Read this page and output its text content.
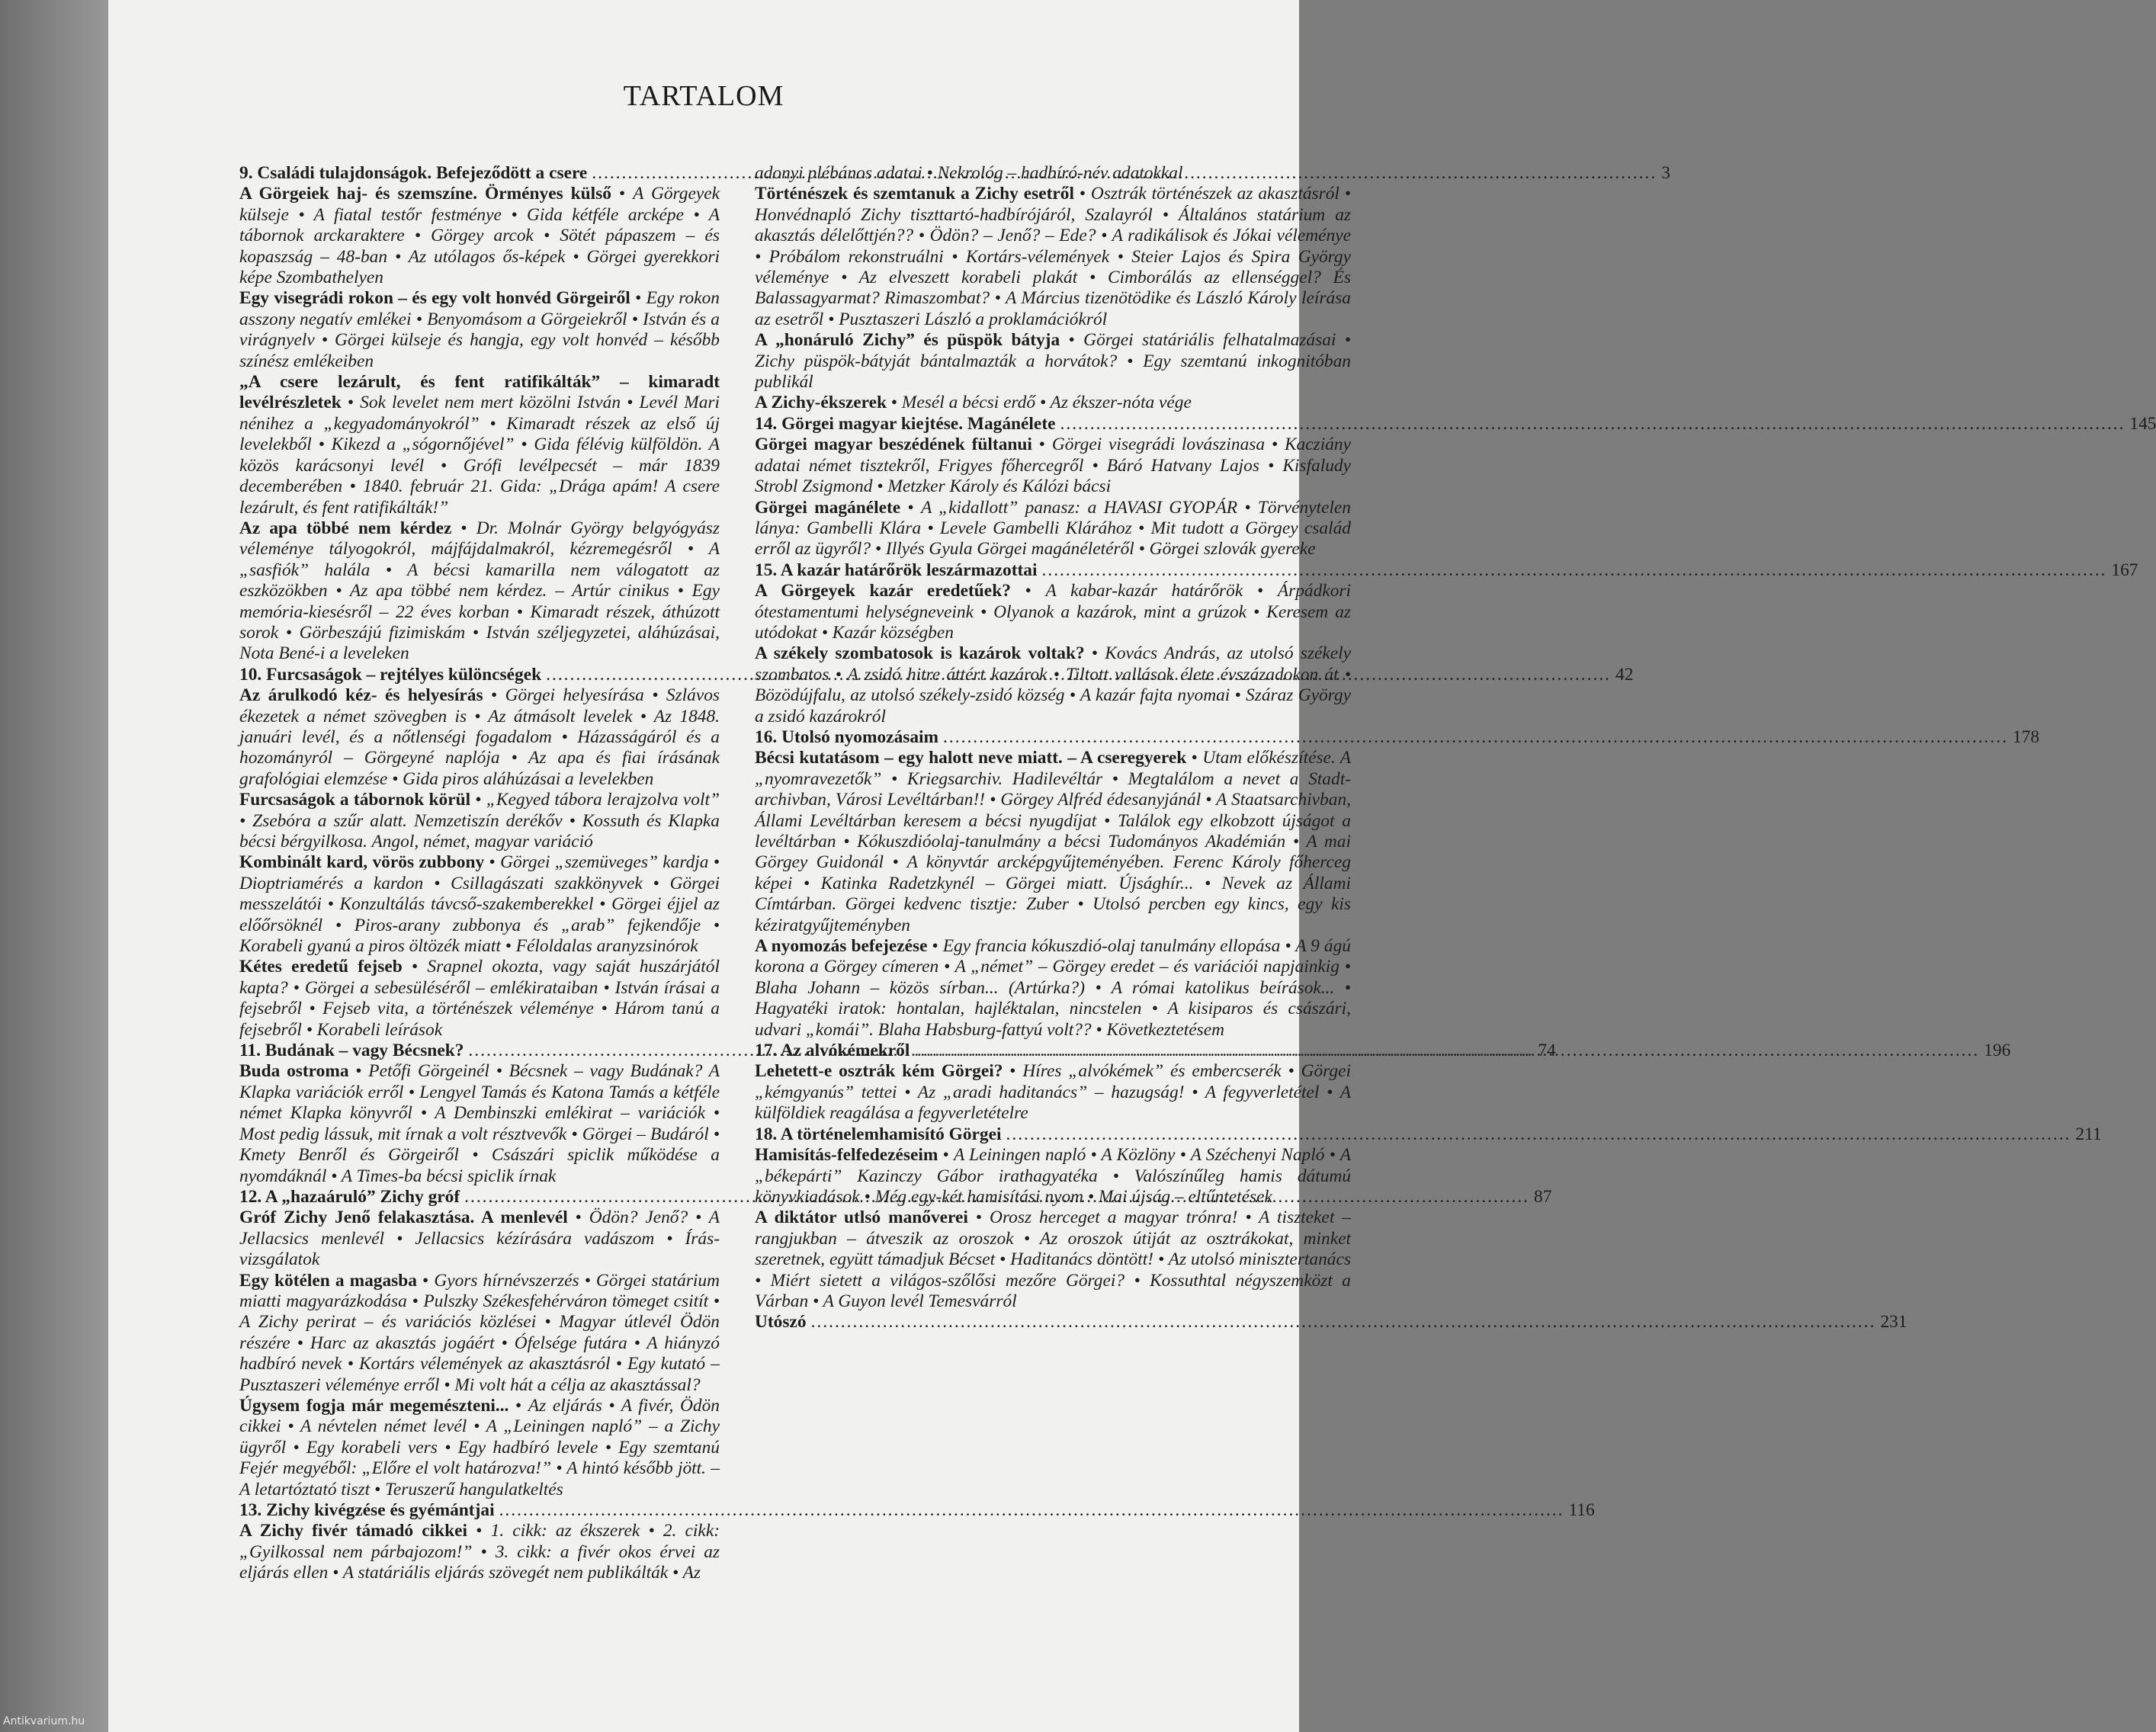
TARTALOM
9. Családi tulajdonságok. Befejeződött a csere .....	3
A Görgeiek haj- és szemszíne. Örményes külső • A Görgeyek külseje • A fiatal testőr festménye • Gida kétféle arcképe • A tábornok arckaraktere • Görgey arcok • Sötét pápaszem – és kopaszság – 48-ban • Az utólagos ős-képek • Görgei gyerekkori képe Szombathelyen
Egy visegrádi rokon – és egy volt honvéd Görgeiről • Egy rokon asszony negatív emlékei • Benyomásom a Görgeiekről • István és a virágnyelv • Görgei külseje és hangja, egy volt honvéd – később színész emlékeiben
„A csere lezárult, és fent ratifikálták” – kimaradt levélrészletek • Sok levelet nem mert közölni István • Levél Mari nénihez a „kegyadományokról” • Kimaradt részek az első új levelekből • Kikezd a „sógornőjével” • Gida félévig külföldön. A közös karácsonyi levél • Grófi levélpecsét – már 1839 decemberében • 1840. február 21. Gida: „Drága apám! A csere lezárult, és fent ratifikálták!”
Az apa többé nem kérdez • Dr. Molnár György belgyógyász véleménye tályogokról, májfájdalmakról, kézremegésről • A „sasfiók” halála • A bécsi kamarilla nem válogatott az eszközökben • Az apa többé nem kérdez. – Artúr cinikus • Egy memória-kiesésről – 22 éves korban • Kimaradt részek, áthúzott sorok • Görbeszájú fizimiskám • István széljegyzetei, aláhúzásai, Nota Bené-i a leveleken
10. Furcsaságok – rejtélyes különcségek .....	42
Az árulkodó kéz- és helyesírás • Görgei helyesírása • Szlávos ékezetek a német szövegben is • Az átmásolt levelek • Az 1848. januári levél, és a nőtlenségi fogadalom • Házasságáról és a hozományról – Görgeyné naplója • Az apa és fiai írásának grafológiai elemzése • Gida piros aláhúzásai a levelekben
Furcsaságok a tábornok körül • „Kegyed tábora lerajzolva volt” • Zsebóra a szűr alatt. Nemzetiszín derékőv • Kossuth és Klapka bécsi bérgyilkosa. Angol, német, magyar variáció
Kombinált kard, vörös zubbony • Görgei „szemüveges” kardja • Dioptriamérés a kardon • Csillagászati szakkönyvek • Görgei messzelátói • Konzultálás távcső-szakemberekkel • Görgei éjjel az előőrsöknél • Piros-arany zubbonya és „arab” fejkendője • Korabeli gyanú a piros öltözék miatt • Féloldalas aranyzsinórok
Kétes eredetű fejseb • Srapnel okozta, vagy saját huszárjától kapta? • Görgei a sebesüléséről – emlékirataiban • István írásai a fejsebről • Fejseb vita, a történészek véleménye • Három tanú a fejsebről • Korabeli leírások
11. Budának – vagy Bécsnek? .....	74
Buda ostroma • Petőfi Görgeinél • Bécsnek – vagy Budának? A Klapka variációk erről • Lengyel Tamás és Katona Tamás a kétféle német Klapka könyvről • A Dembinszki emlékirat – variációk • Most pedig lássuk, mit írnak a volt résztvevők • Görgei – Budáról • Kmety Benről és Görgeiről • Császári spiclik működése a nyomdáknál • A Times-ba bécsi spiclik írnak
12. A „hazaáruló” Zichy gróf .....	87
Gróf Zichy Jenő felakasztása. A menlevél • Ödön? Jenő? • A Jellacsics menlevél • Jellacsics kézírására vadászom • Írás-vizsgálatok
Egy kötélen a magasba • Gyors hírnévszerzés • Görgei statárium miatti magyarázkodása • Pulszky Székesfehérváron tömeget csitít • A Zichy perirat – és variációs közlései • Magyar útlevél Ödön részére • Harc az akasztás jogáért • Ófelsége futára • A hiányzó hadbíró nevek • Kortárs vélemények az akasztásról • Egy kutató – Pusztaszeri véleménye erről • Mi volt hát a célja az akasztással?
Úgysem fogja már megemészteni... • Az eljárás • A fivér, Ödön cikkei • A névtelen német levél • A „Leiningen napló” – a Zichy ügyről • Egy korabeli vers • Egy hadbíró levele • Egy szemtanú Fejér megyéből: „Előre el volt határozva!” • A hintó később jött. – A letartóztató tiszt • Teruszerű hangulatkeltés
13. Zichy kivégzése és gyémántjai .....	116
A Zichy fivér támadó cikkei • 1. cikk: az ékszerek • 2. cikk: „Gyilkossal nem párbajozom!” • 3. cikk: a fivér okos érvei az eljárás ellen • A statáriális eljárás szövegét nem publikálták • Az
adonyi plébános adatai • Nekrológ – hadbíró-név adatokkal
Történészek és szemtanuk a Zichy esetről • Osztrák történészek az akasztásról • Honvédnapló Zichy tiszttartó-hadbírójáról, Szalayról • Általános statárium az akasztás délelőttjén?? • Ödön? – Jenő? – Ede? • A radikálisok és Jókai véleménye • Próbálom rekonstruálni • Kortárs-vélemények • Steier Lajos és Spira György véleménye • Az elveszett korabeli plakát • Cimborálás az ellenséggel? És Balassagyarmat? Rimaszombat? • A Március tizenötödike és László Károly leírása az esetről • Pusztaszeri László a proklamációkról
A „honáruló Zichy” és püspök bátyja • Görgei statáriális felhatalmazásai • Zichy püspök-bátyját bántalmazták a horvátok? • Egy szemtanú inkognitóban publikál
A Zichy-ékszerek • Mesél a bécsi erdő • Az ékszer-nóta vége
14. Görgei magyar kiejtése. Magánélete .....	145
Görgei magyar beszédének fültanui • Görgei visegrádi lovászinasa • Kacziány adatai német tisztekről, Frigyes főhercegről • Báró Hatvany Lajos • Kisfaludy Strobl Zsigmond • Metzker Károly és Kálózi bácsi
Görgei magánélete • A „kidallott” panasz: a HAVASI GYOPÁR • Törvénytelen lánya: Gambelli Klára • Levele Gambelli Klárához • Mit tudott a Görgey család erről az ügyről? • Illyés Gyula Görgei magánéletéről • Görgei szlovák gyereke
15. A kazár határőrök leszármazottai .....	167
A Görgeyek kazár eredetűek? • A kabar-kazár határőrök • Árpádkori ótestamentumi helységneveink • Olyanok a kazárok, mint a grúzok • Keresem az utódokat • Kazár községben
A székely szombatosok is kazárok voltak? • Kovács András, az utolsó székely szombatos • A zsidó hitre áttért kazárok • Tiltott vallások élete évszázadokon át • Bözödújfalu, az utolsó székely-zsidó község • A kazár fajta nyomai • Száraz György a zsidó kazárokról
16. Utolsó nyomozásaim .....	178
Bécsi kutatásom – egy halott neve miatt. – A cseregyerek • Utam előkészítése. A „nyomravezetők” • Kriegsarchiv. Hadilevéltár • Megtalálom a nevet a Stadt-archivban, Városi Levéltárban!! • Görgey Alfréd édesanyjánál • A Staatsarchivban, Állami Levéltárban keresem a bécsi nyugdíjat • Találok egy elkobzott újságot a levéltárban • Kókuszdióolaj-tanulmány a bécsi Tudományos Akadémián • A mai Görgey Guidonál • A könyvtár arcképgyűjteményében. Ferenc Károly főherceg képei • Katinka Radetzkynél – Görgei miatt. Újsághír... • Nevek az Állami Címtárban. Görgei kedvenc tisztje: Zuber • Utolsó percben egy kincs, egy kis kéziratgyűjteményben
A nyomozás befejezése • Egy francia kókuszdió-olaj tanulmány ellopása • A 9 ágú korona a Görgey címeren • A „német” – Görgey eredet – és variációi napjainkig • Blaha Johann – közös sírban... (Artúrka?) • A római katolikus beírások... • Hagyatéki iratok: hontalan, hajléktalan, nincstelen • A kisiparos és császári, udvari „komái”. Blaha Habsburg-fattyú volt?? • Következtetésem
17. Az alvókémekről .....	196
Lehetett-e osztrák kém Görgei? • Híres „alvókémek” és embercserék • Görgei „kémgyanús” tettei • Az „aradi haditanács” – hazugság! • A fegyverletétel • A külföldiek reagálása a fegyverletételre
18. A történelemhamisító Görgei .....	211
Hamisítás-felfedezéseim • A Leiningen napló • A Közlöny • A Széchenyi Napló • A „békepárti” Kazinczy Gábor irathagyatéka • Valószínűleg hamis dátumú könyvkiadások • Még egy-két hamisítási nyom • Mai újság – eltűntetések
A diktátor utlsó manőverei • Orosz herceget a magyar trónra! • A tiszteket – rangjukban – átveszik az oroszok • Az oroszok útiját az osztrákokat, minket szeretnek, együtt támadjuk Bécset • Haditanács döntött! • Az utolsó minisztertanács • Miért sietett a világos-szőlősi mezőre Görgei? • Kossuthtal négyszemközt a Várban • A Guyon levél Temesvárról
Utószó .....	231
Antikvarium.hu
